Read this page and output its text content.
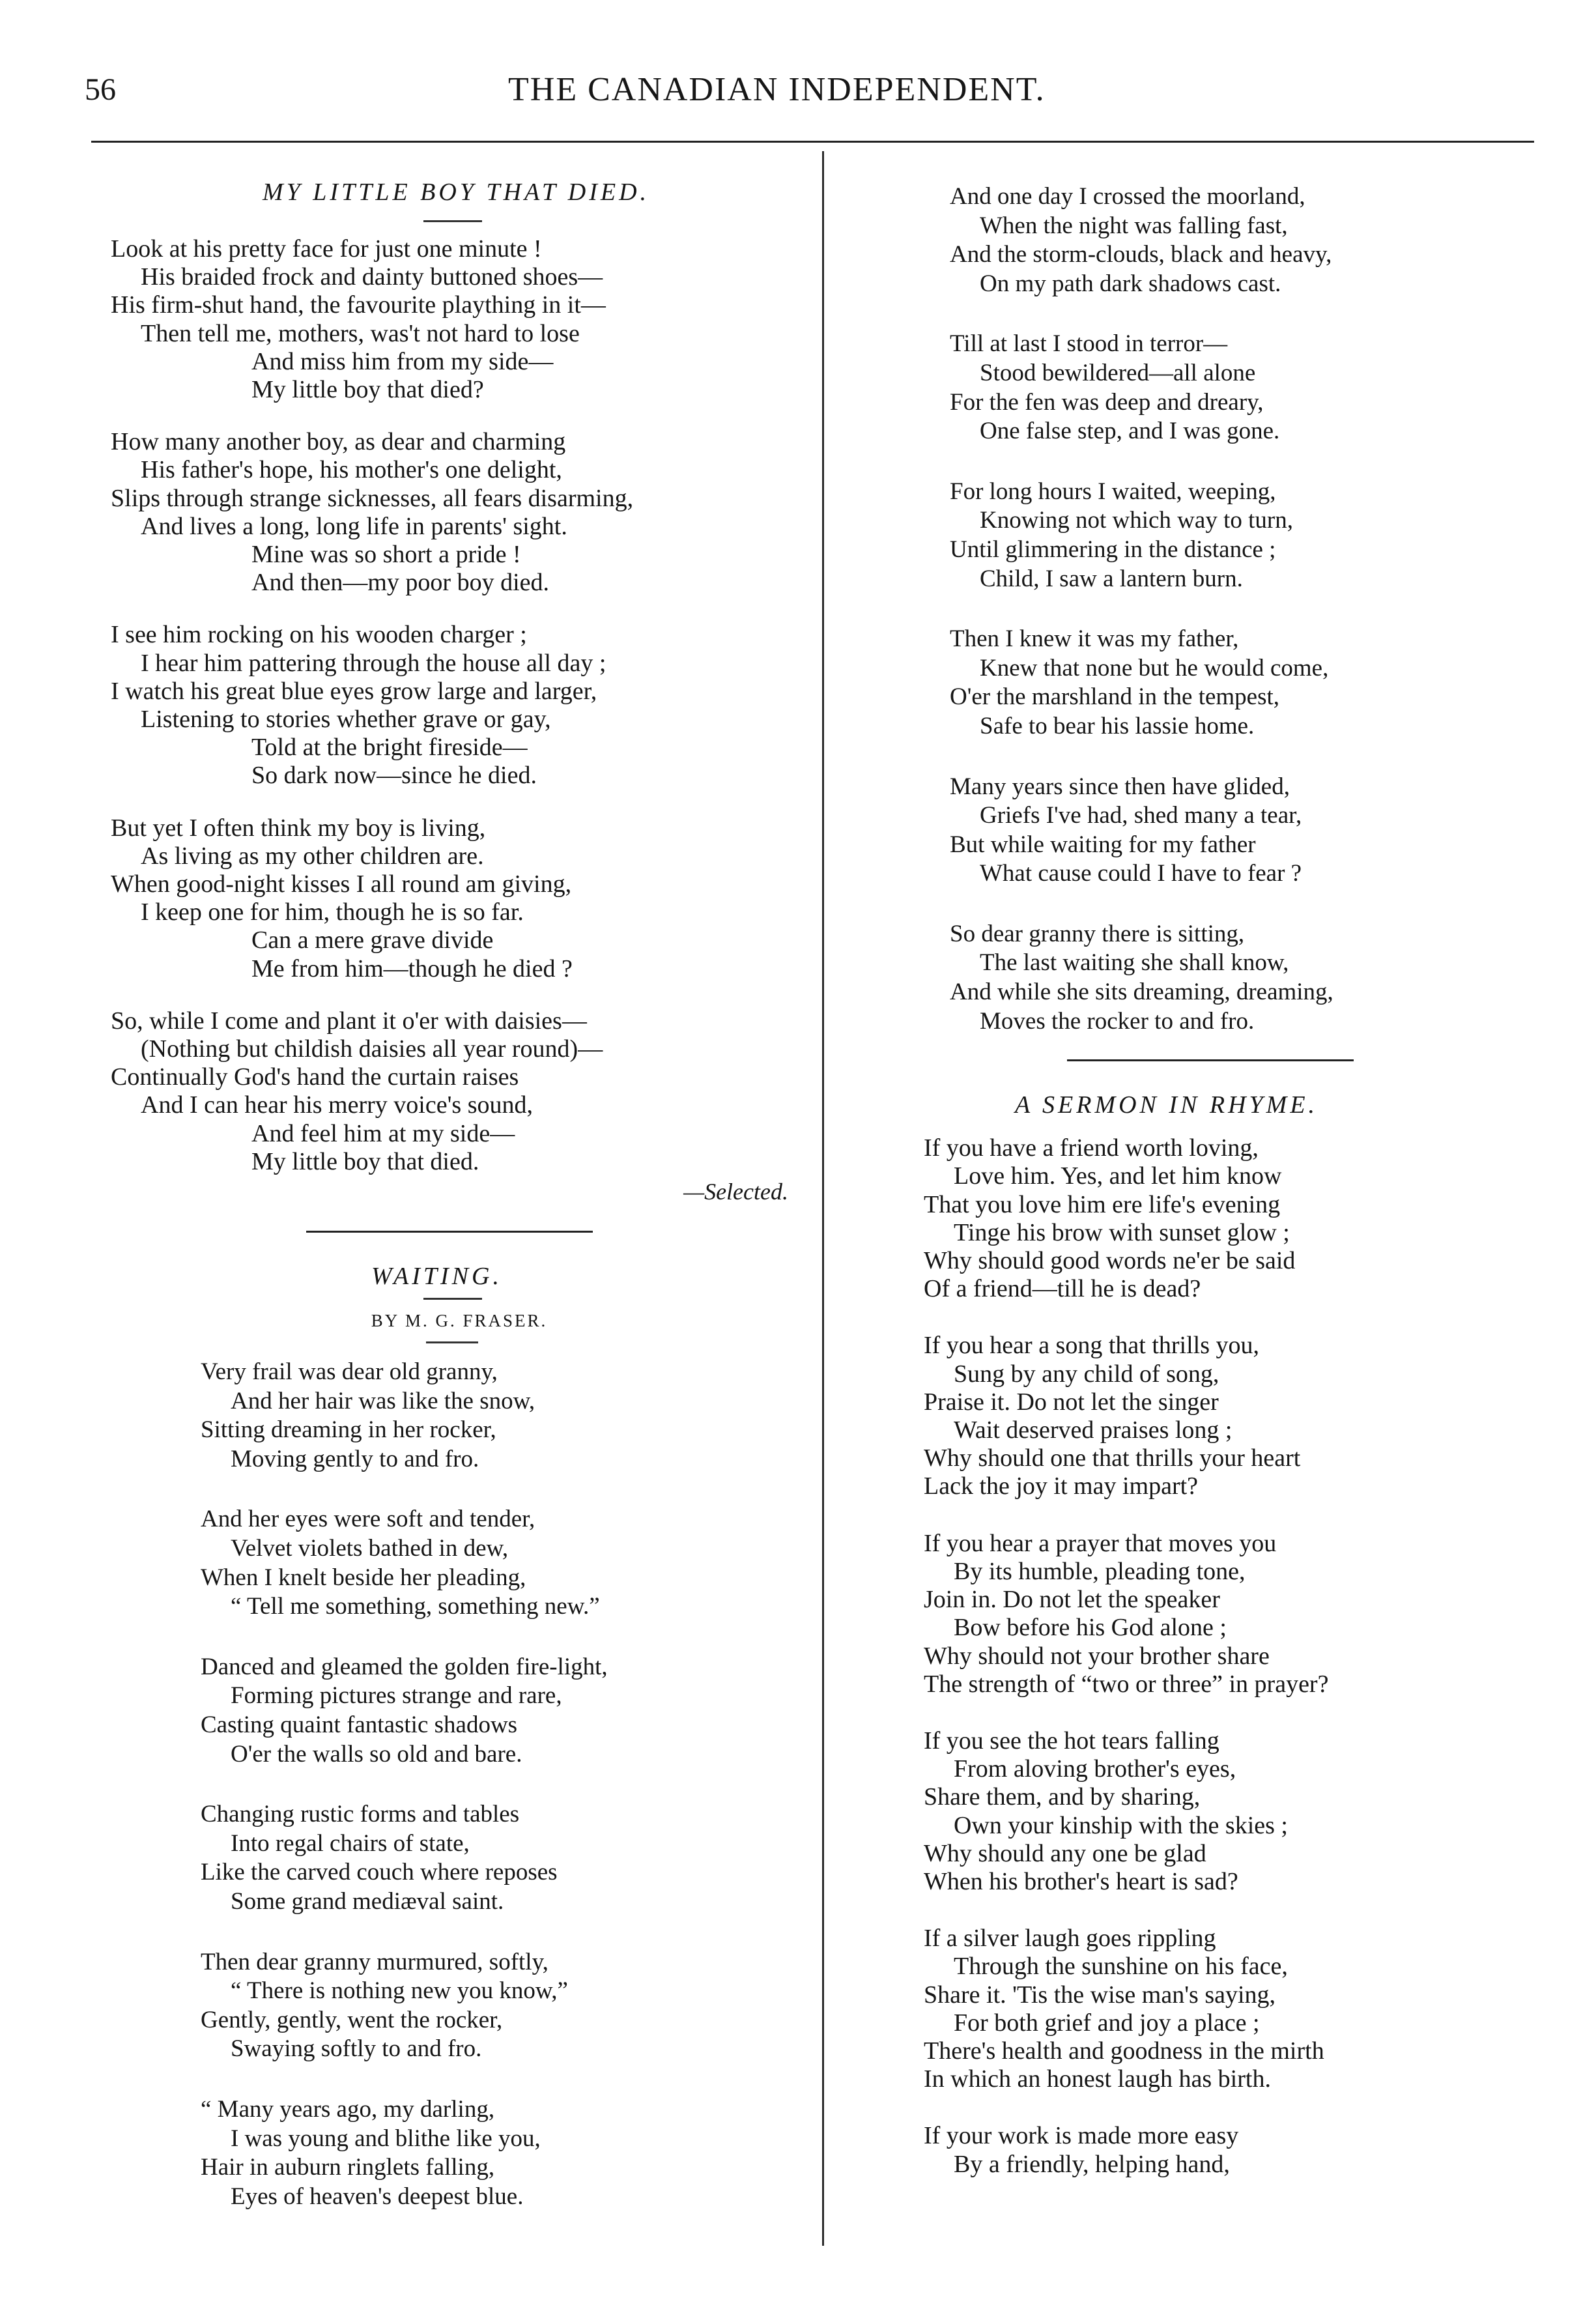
56	THE CANADIAN INDEPENDENT.
MY LITTLE BOY THAT DIED.
Look at his pretty face for just one minute !
His braided frock and dainty buttoned shoes—
His firm-shut hand, the favourite plaything in it—
Then tell me, mothers, was't not hard to lose
And miss him from my side—
My little boy that died?
How many another boy, as dear and charming
His father's hope, his mother's one delight,
Slips through strange sicknesses, all fears disarming,
And lives a long, long life in parents' sight.
Mine was so short a pride !
And then—my poor boy died.
I see him rocking on his wooden charger ;
I hear him pattering through the house all day ;
I watch his great blue eyes grow large and larger,
Listening to stories whether grave or gay,
Told at the bright fireside—
So dark now—since he died.
But yet I often think my boy is living,
As living as my other children are.
When good-night kisses I all round am giving,
I keep one for him, though he is so far.
Can a mere grave divide
Me from him—though he died ?
So, while I come and plant it o'er with daisies—
(Nothing but childish daisies all year round)—
Continually God's hand the curtain raises
And I can hear his merry voice's sound,
And feel him at my side—
My little boy that died.
—Selected.
WAITING.
BY M. G. FRASER.
Very frail was dear old granny,
And her hair was like the snow,
Sitting dreaming in her rocker,
Moving gently to and fro.
And her eyes were soft and tender,
Velvet violets bathed in dew,
When I knelt beside her pleading,
“ Tell me something, something new.”
Danced and gleamed the golden fire-light,
Forming pictures strange and rare,
Casting quaint fantastic shadows
O'er the walls so old and bare.
Changing rustic forms and tables
Into regal chairs of state,
Like the carved couch where reposes
Some grand mediæval saint.
Then dear granny murmured, softly,
“ There is nothing new you know,”
Gently, gently, went the rocker,
Swaying softly to and fro.
“ Many years ago, my darling,
I was young and blithe like you,
Hair in auburn ringlets falling,
Eyes of heaven's deepest blue.
And one day I crossed the moorland,
When the night was falling fast,
And the storm-clouds, black and heavy,
On my path dark shadows cast.
Till at last I stood in terror—
Stood bewildered—all alone
For the fen was deep and dreary,
One false step, and I was gone.
For long hours I waited, weeping,
Knowing not which way to turn,
Until glimmering in the distance ;
Child, I saw a lantern burn.
Then I knew it was my father,
Knew that none but he would come,
O'er the marshland in the tempest,
Safe to bear his lassie home.
Many years since then have glided,
Griefs I've had, shed many a tear,
But while waiting for my father
What cause could I have to fear ?
So dear granny there is sitting,
The last waiting she shall know,
And while she sits dreaming, dreaming,
Moves the rocker to and fro.
A SERMON IN RHYME.
If you have a friend worth loving,
Love him. Yes, and let him know
That you love him ere life's evening
Tinge his brow with sunset glow ;
Why should good words ne'er be said
Of a friend—till he is dead?
If you hear a song that thrills you,
Sung by any child of song,
Praise it. Do not let the singer
Wait deserved praises long ;
Why should one that thrills your heart
Lack the joy it may impart?
If you hear a prayer that moves you
By its humble, pleading tone,
Join in. Do not let the speaker
Bow before his God alone ;
Why should not your brother share
The strength of “two or three” in prayer?
If you see the hot tears falling
From aloving brother's eyes,
Share them, and by sharing,
Own your kinship with the skies ;
Why should any one be glad
When his brother's heart is sad?
If a silver laugh goes rippling
Through the sunshine on his face,
Share it. 'Tis the wise man's saying,
For both grief and joy a place ;
There's health and goodness in the mirth
In which an honest laugh has birth.
If your work is made more easy
By a friendly, helping hand,
